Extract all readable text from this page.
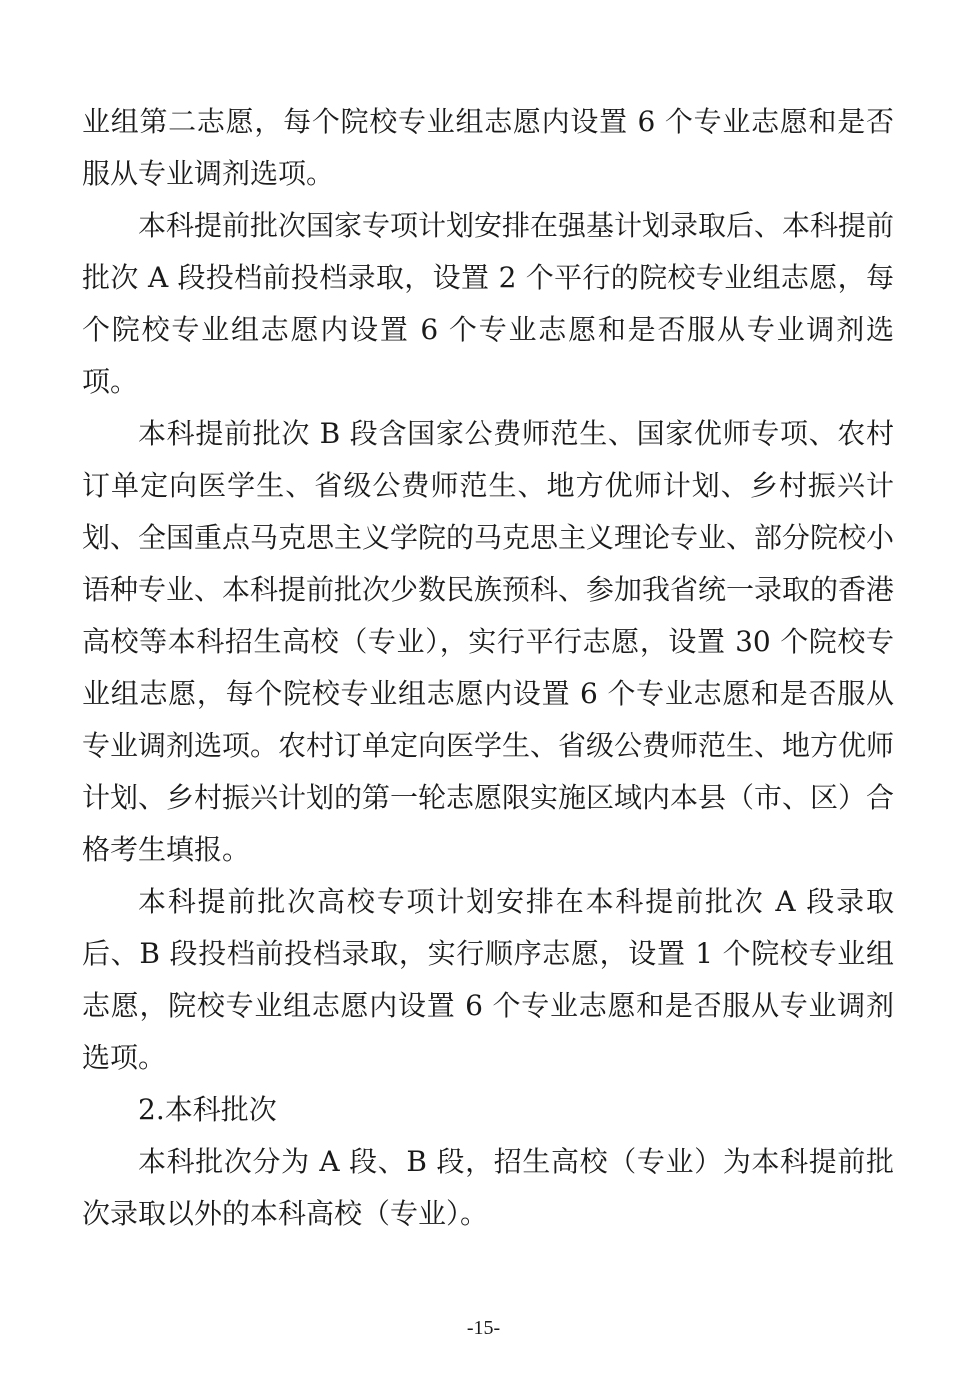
业组第二志愿，每个院校专业组志愿内设置 6 个专业志愿和是否服从专业调剂选项。

本科提前批次国家专项计划安排在强基计划录取后、本科提前批次 A 段投档前投档录取，设置 2 个平行的院校专业组志愿，每个院校专业组志愿内设置 6 个专业志愿和是否服从专业调剂选项。

本科提前批次 B 段含国家公费师范生、国家优师专项、农村订单定向医学生、省级公费师范生、地方优师计划、乡村振兴计划、全国重点马克思主义学院的马克思主义理论专业、部分院校小语种专业、本科提前批次少数民族预科、参加我省统一录取的香港高校等本科招生高校（专业），实行平行志愿，设置 30 个院校专业组志愿，每个院校专业组志愿内设置 6 个专业志愿和是否服从专业调剂选项。农村订单定向医学生、省级公费师范生、地方优师计划、乡村振兴计划的第一轮志愿限实施区域内本县（市、区）合格考生填报。

本科提前批次高校专项计划安排在本科提前批次 A 段录取后、B 段投档前投档录取，实行顺序志愿，设置 1 个院校专业组志愿，院校专业组志愿内设置 6 个专业志愿和是否服从专业调剂选项。

2.本科批次

本科批次分为 A 段、B 段，招生高校（专业）为本科提前批次录取以外的本科高校（专业）。

-15-
